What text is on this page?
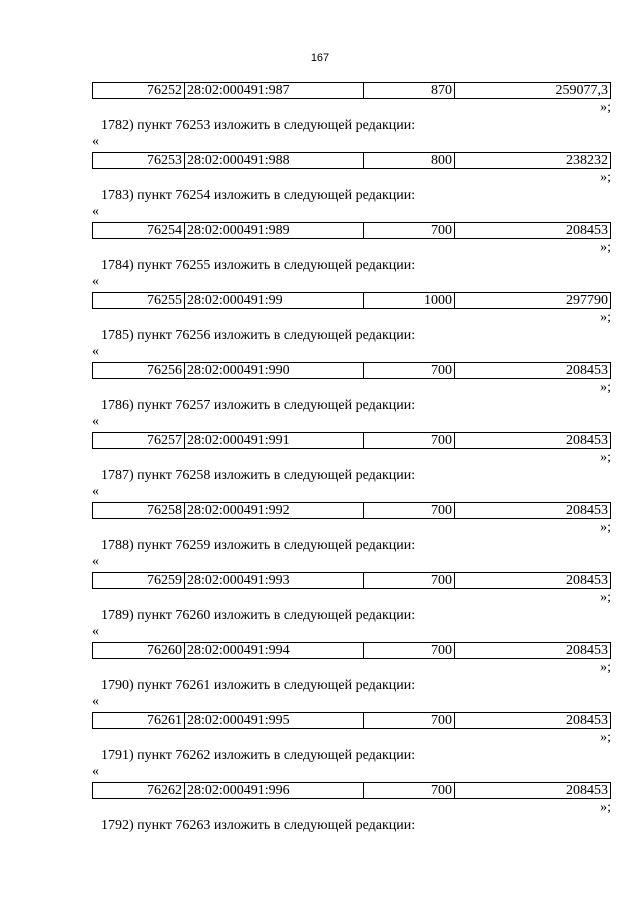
167
76252	28:02:000491:987	870	259077,3
»;
1782) пункт 76253 изложить в следующей редакции:
«
76253	28:02:000491:988	800	238232
»;
1783) пункт 76254 изложить в следующей редакции:
«
76254	28:02:000491:989	700	208453
»;
1784) пункт 76255 изложить в следующей редакции:
«
76255	28:02:000491:99	1000	297790
»;
1785) пункт 76256 изложить в следующей редакции:
«
76256	28:02:000491:990	700	208453
»;
1786) пункт 76257 изложить в следующей редакции:
«
76257	28:02:000491:991	700	208453
»;
1787) пункт 76258 изложить в следующей редакции:
«
76258	28:02:000491:992	700	208453
»;
1788) пункт 76259 изложить в следующей редакции:
«
76259	28:02:000491:993	700	208453
»;
1789) пункт 76260 изложить в следующей редакции:
«
76260	28:02:000491:994	700	208453
»;
1790) пункт 76261 изложить в следующей редакции:
«
76261	28:02:000491:995	700	208453
»;
1791) пункт 76262 изложить в следующей редакции:
«
76262	28:02:000491:996	700	208453
»;
1792) пункт 76263 изложить в следующей редакции:
